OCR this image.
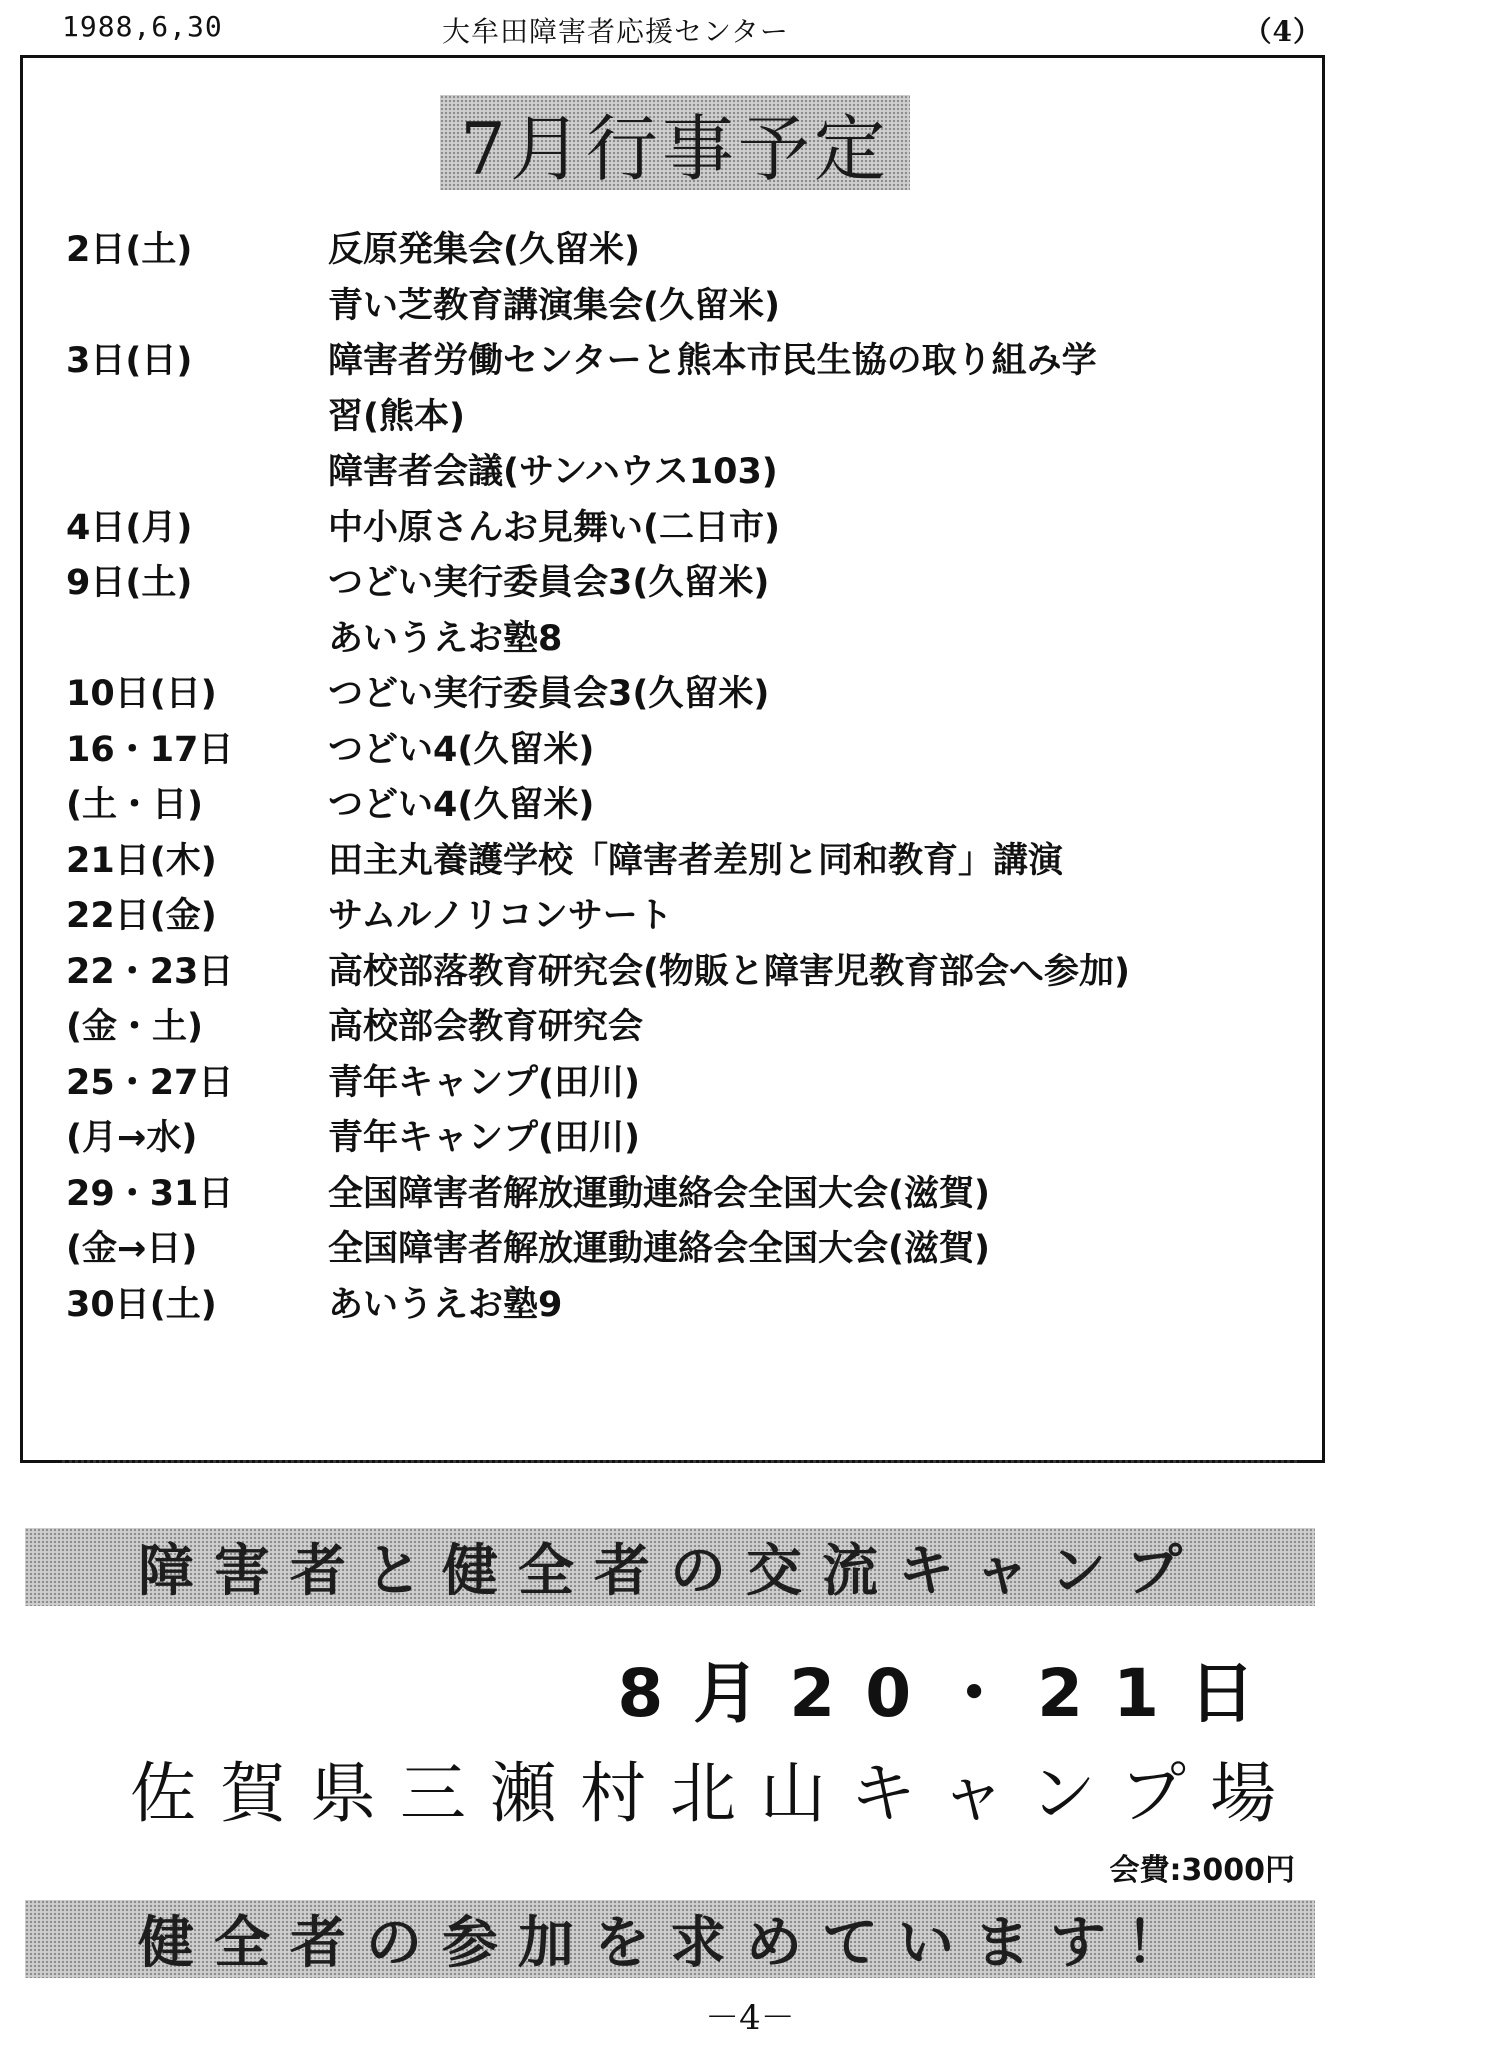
1988,6,30	大牟田障害者応援センター	（4）
7月行事予定
2日(土)	反原発集会(久留米)
青い芝教育講演集会(久留米)
3日(日)	障害者労働センターと熊本市民生協の取り組み学
習(熊本)
障害者会議(サンハウス103)
4日(月)	中小原さんお見舞い(二日市)
9日(土)	つどい実行委員会3(久留米)
あいうえお塾8
10日(日)	つどい実行委員会3(久留米)
16・17日	つどい4(久留米)
(土・日)	つどい4(久留米)
21日(木)	田主丸養護学校「障害者差別と同和教育」講演
22日(金)	サムルノリコンサート
22・23日	高校部落教育研究会(物販と障害児教育部会へ参加)
(金・土)	高校部会教育研究会
25・27日	青年キャンプ(田川)
(月→水)	青年キャンプ(田川)
29・31日	全国障害者解放運動連絡会全国大会(滋賀)
(金→日)	全国障害者解放運動連絡会全国大会(滋賀)
30日(土)	あいうえお塾9
障害者と健全者の交流キャンプ
8月20・21日
佐賀県三瀬村北山キャンプ場
会費:3000円
健全者の参加を求めています！
－4－
